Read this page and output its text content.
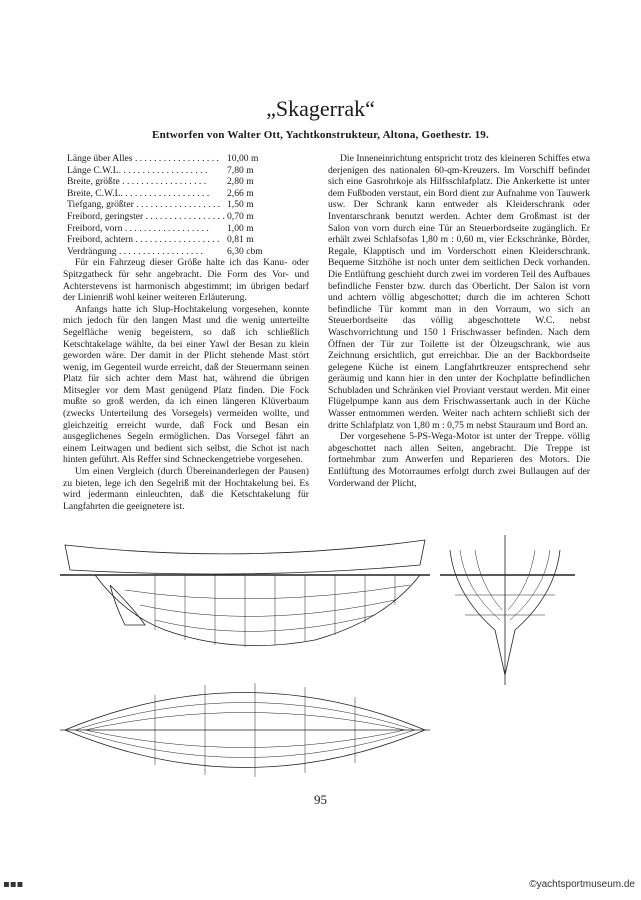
„Skagerrak“
Entworfen von Walter Ott, Yachtkonstrukteur, Altona, Goethestr. 19.
Länge über Alles . . .	10,00 m
Länge C.W.L. . . .	7,80 m
Breite, größte . . .	2,80 m
Breite, C.W.L. . . .	2,66 m
Tiefgang, größter . . .	1,50 m
Freibord, geringster . . .	0,70 m
Freibord, vorn . . .	1,00 m
Freibord, achtern . . .	0,81 m
Verdrängung . . .	6,30 cbm

Für ein Fahrzeug dieser Größe halte ich das Kanu- oder Spitzgatheck für sehr angebracht. Die Form des Vor- und Achterstevens ist harmonisch abgestimmt; im übrigen bedarf der Linienriß wohl keiner weiteren Erläuterung.

Anfangs hatte ich Slup-Hochtakelung vorgesehen, konnte mich jedoch für den langen Mast und die wenig unterteilte Segelfläche wenig begeistern, so daß ich schließlich Ketschtakelage wählte, da bei einer Yawl der Besan zu klein geworden wäre. Der damit in der Plicht stehende Mast stört wenig, im Gegenteil wurde erreicht, daß der Steuermann seinen Platz für sich achter dem Mast hat, während die übrigen Mitsegler vor dem Mast genügend Platz finden. Die Fock mußte so groß werden, da ich einen längeren Klüverbaum (zwecks Unterteilung des Vorsegels) vermeiden wollte, und gleichzeitig erreicht wurde, daß Fock und Besan ein ausgeglichenes Segeln ermöglichen. Das Vorsegel fährt an einem Leitwagen und bedient sich selbst, die Schot ist nach hinten geführt. Als Reffer sind Schneckengetriebe vorgesehen.

Um einen Vergleich (durch Übereinanderlegen der Pausen) zu bieten, lege ich den Segelriß mit der Hochtakelung bei. Es wird jedermann einleuchten, daß die Ketschtakelung für Langfahrten die geeignetere ist.

Die Inneneinrichtung entspricht trotz des kleineren Schiffes etwa derjenigen des nationalen 60-qm-Kreuzers. Im Vorschiff befindet sich eine Gasrohrkoje als Hilfsschlafplatz. Die Ankerkette ist unter dem Fußboden verstaut, ein Bord dient zur Aufnahme von Tauwerk usw. Der Schrank kann entweder als Kleiderschrank oder Inventarschrank benutzt werden. Achter dem Großmast ist der Salon von vorn durch eine Tür an Steuerbordseite zugänglich. Er erhält zwei Schlafsofas 1,80 m : 0,60 m, vier Eckschränke, Börder, Regale, Klapptisch und im Vorderschott einen Kleiderschrank. Bequeme Sitzhöhe ist noch unter dem seitlichen Deck vorhanden. Die Entlüftung geschieht durch zwei im vorderen Teil des Aufbaues befindliche Fenster bzw. durch das Oberlicht. Der Salon ist vorn und achtern völlig abgeschottet; durch die im achteren Schott befindliche Tür kommt man in den Vorraum, wo sich an Steuerbordseite das völlig abgeschottete W.C. nebst Waschvorrichtung und 150 l Frischwasser befinden. Nach dem Öffnen der Tür zur Toilette ist der Ölzeugschrank, wie aus Zeichnung ersichtlich, gut erreichbar. Die an der Backbordseite gelegene Küche ist einem Langfahrtkreuzer entsprechend sehr geräumig und kann hier in den unter der Kochplatte befindlichen Schubladen und Schränken viel Proviant verstaut werden. Mit einer Flügelpumpe kann aus dem Frischwassertank auch in der Küche Wasser entnommen werden. Weiter nach achtern schließt sich der dritte Schlafplatz von 1,80 m : 0,75 m nebst Stauraum und Bord an.

Der vorgesehene 5-PS-Wega-Motor ist unter der Treppe. völlig abgeschottet nach allen Seiten, angebracht. Die Treppe ist fortnehmbar zum Anwerfen und Reparieren des Motors. Die Entlüftung des Motorraumes erfolgt durch zwei Bullaugen auf der Vorderwand der Plicht,

95
▪▪▪	©yachtsportmuseum.de
